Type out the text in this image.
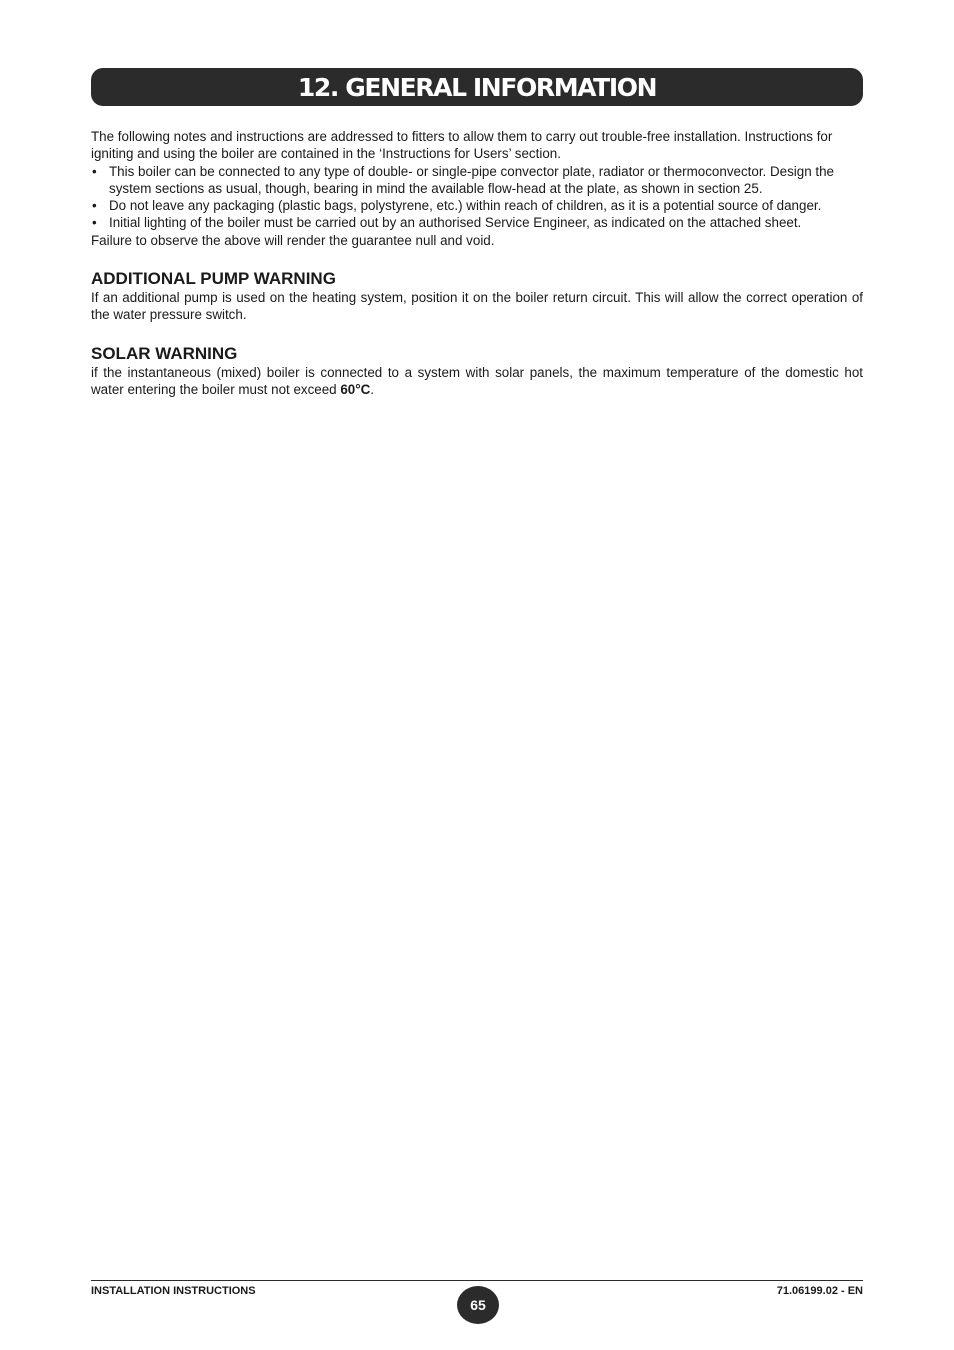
12. GENERAL INFORMATION

The following notes and instructions are addressed to fitters to allow them to carry out trouble-free installation. Instructions for igniting and using the boiler are contained in the ‘Instructions for Users’ section.

• This boiler can be connected to any type of double- or single-pipe convector plate, radiator or thermoconvector. Design the system sections as usual, though, bearing in mind the available flow-head at the plate, as shown in section 25.
• Do not leave any packaging (plastic bags, polystyrene, etc.) within reach of children, as it is a potential source of danger.
• Initial lighting of the boiler must be carried out by an authorised Service Engineer, as indicated on the attached sheet.

Failure to observe the above will render the guarantee null and void.

ADDITIONAL PUMP WARNING

If an additional pump is used on the heating system, position it on the boiler return circuit. This will allow the correct operation of the water pressure switch.

SOLAR WARNING

if the instantaneous (mixed) boiler is connected to a system with solar panels, the maximum temperature of the domestic hot water entering the boiler must not exceed 60°C.

INSTALLATION INSTRUCTIONS
65
71.06199.02 - EN
